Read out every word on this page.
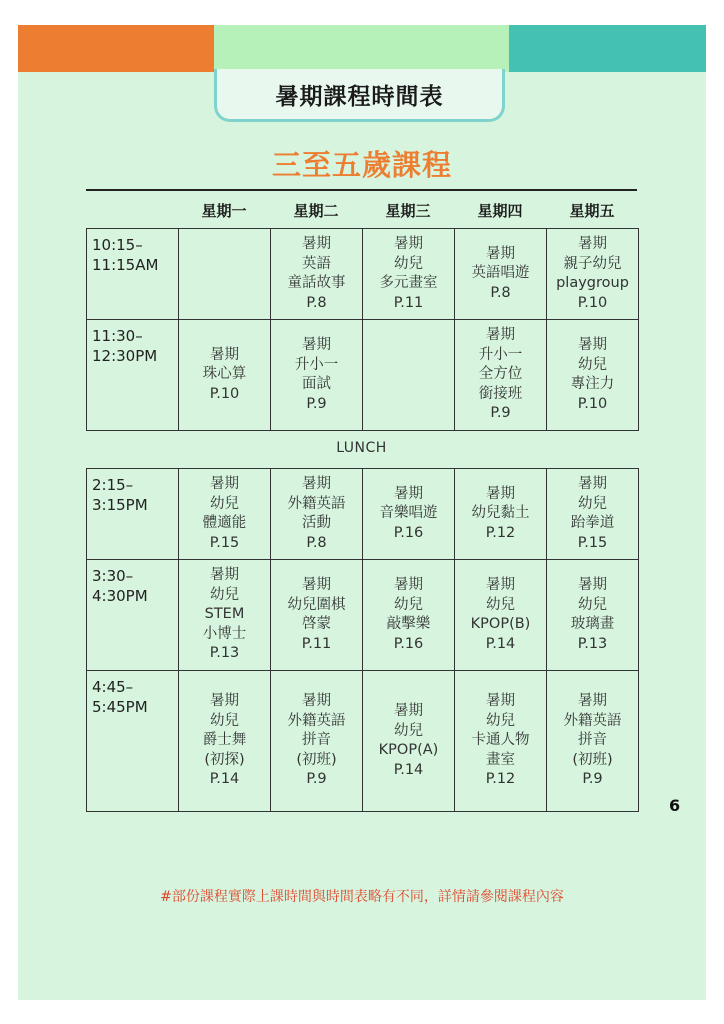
暑期課程時間表
三至五歲課程
星期一	星期二	星期三	星期四	星期五
10:15–
11:15AM		暑期
英語
童話故事
P.8	暑期
幼兒
多元畫室
P.11	暑期
英語唱遊
P.8	暑期
親子幼兒
playgroup
P.10

11:30–
12:30PM	暑期
珠心算
P.10	暑期
升小一
面試
P.9		暑期
升小一
全方位
銜接班
P.9	暑期
幼兒
專注力
P.10
LUNCH
2:15–
3:15PM	暑期
幼兒
體適能
P.15	暑期
外籍英語
活動
P.8	暑期
音樂唱遊
P.16	暑期
幼兒黏土
P.12	暑期
幼兒
跆拳道
P.15

3:30–
4:30PM	暑期
幼兒
STEM
小博士
P.13	暑期
幼兒圍棋
啓蒙
P.11	暑期
幼兒
敲擊樂
P.16	暑期
幼兒
KPOP(B)
P.14	暑期
幼兒
玻璃畫
P.13

4:45–
5:45PM	暑期
幼兒
爵士舞
(初探)
P.14	暑期
外籍英語
拼音
(初班)
P.9	暑期
幼兒
KPOP(A)
P.14	暑期
幼兒
卡通人物
畫室
P.12	暑期
外籍英語
拼音
(初班)
P.9
6
#部份課程實際上課時間與時間表略有不同，詳情請參閱課程內容
